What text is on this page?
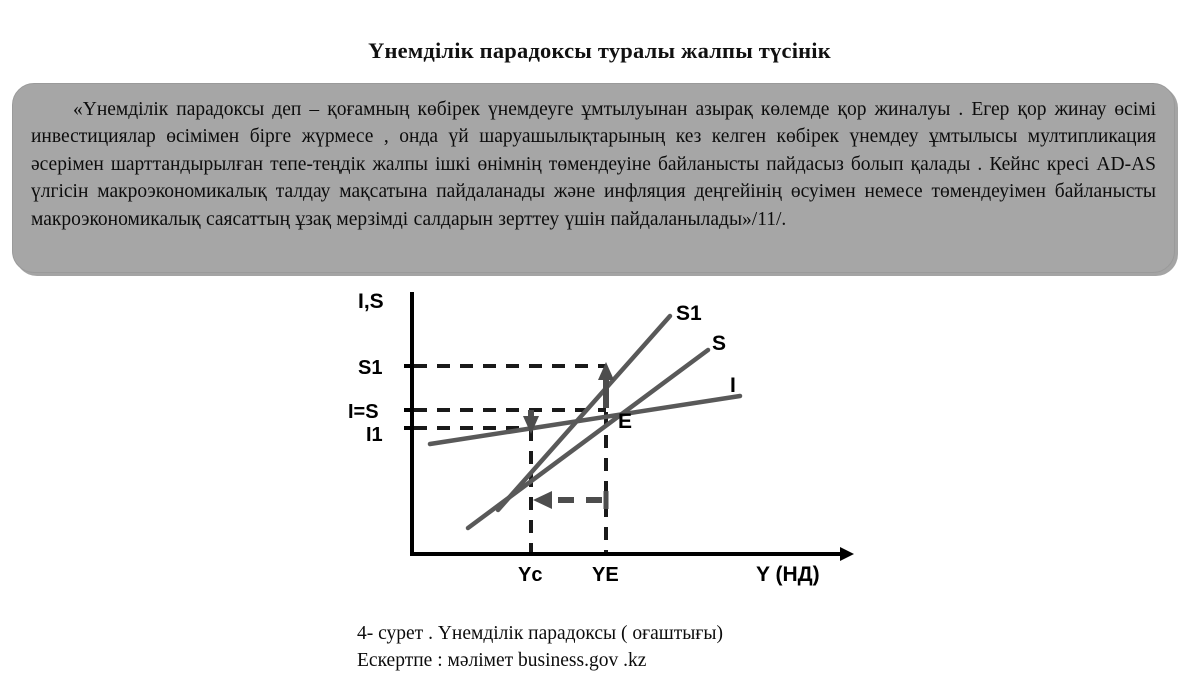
Үнемділік парадоксы туралы жалпы түсінік

«Үнемділік парадоксы деп – қоғамның көбірек үнемдеуге ұмтылуынан азырақ көлемде қор жиналуы . Егер қор жинау өсімі инвестициялар өсімімен бірге жүрмесе , онда үй шаруашылықтарының кез келген көбірек үнемдеу ұмтылысы мултипликация әсерімен шарттандырылған тепе-теңдік жалпы ішкі өнімнің төмендеуіне байланысты пайдасыз болып қалады . Кейнс кресі AD-AS үлгісін макроэкономикалық талдау мақсатына пайдаланады және инфляция деңгейінің өсуімен немесе төмендеуімен байланысты макроэкономикалық саясаттың ұзақ мерзімді салдарын зерттеу үшін пайдаланылады»/11/.

I,S
S1
I=S
I1
Yc YE	Y (НД)
S1
S
I
E
4- сурет . Үнемділік парадоксы ( оғаштығы)
Ескертпе : мәлімет business.gov .kz
